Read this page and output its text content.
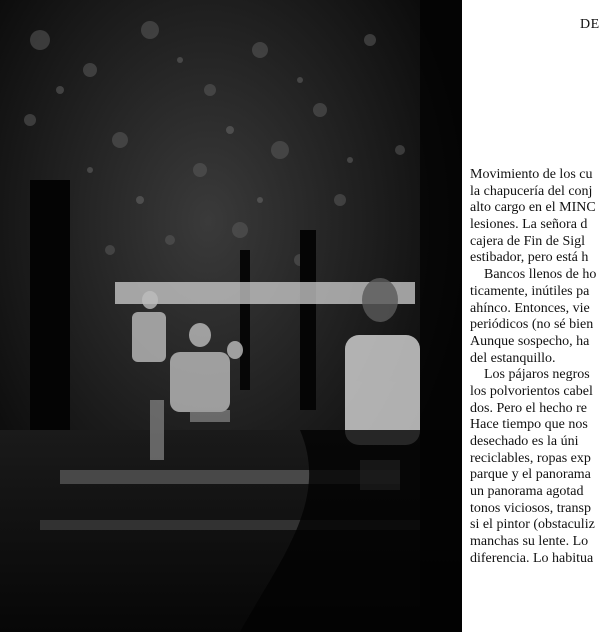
DE
Movimiento de los cu
la chapucería del conj
alto cargo en el MINC
lesiones. La señora d
cajera de Fin de Sigl
estibador, pero está h
Bancos llenos de ho
ticamente, inútiles pa
ahínco. Entonces, vie
periódicos (no sé bien
Aunque sospecho, ha
del estanquillo.
Los pájaros negros
los polvorientos cabel
dos. Pero el hecho re
Hace tiempo que nos
desechado es la úni
reciclables, ropas exp
parque y el panorama
un panorama agotad
tonos viciosos, transp
si el pintor (obstaculiz
manchas su lente. Lo
diferencia. Lo habitua
